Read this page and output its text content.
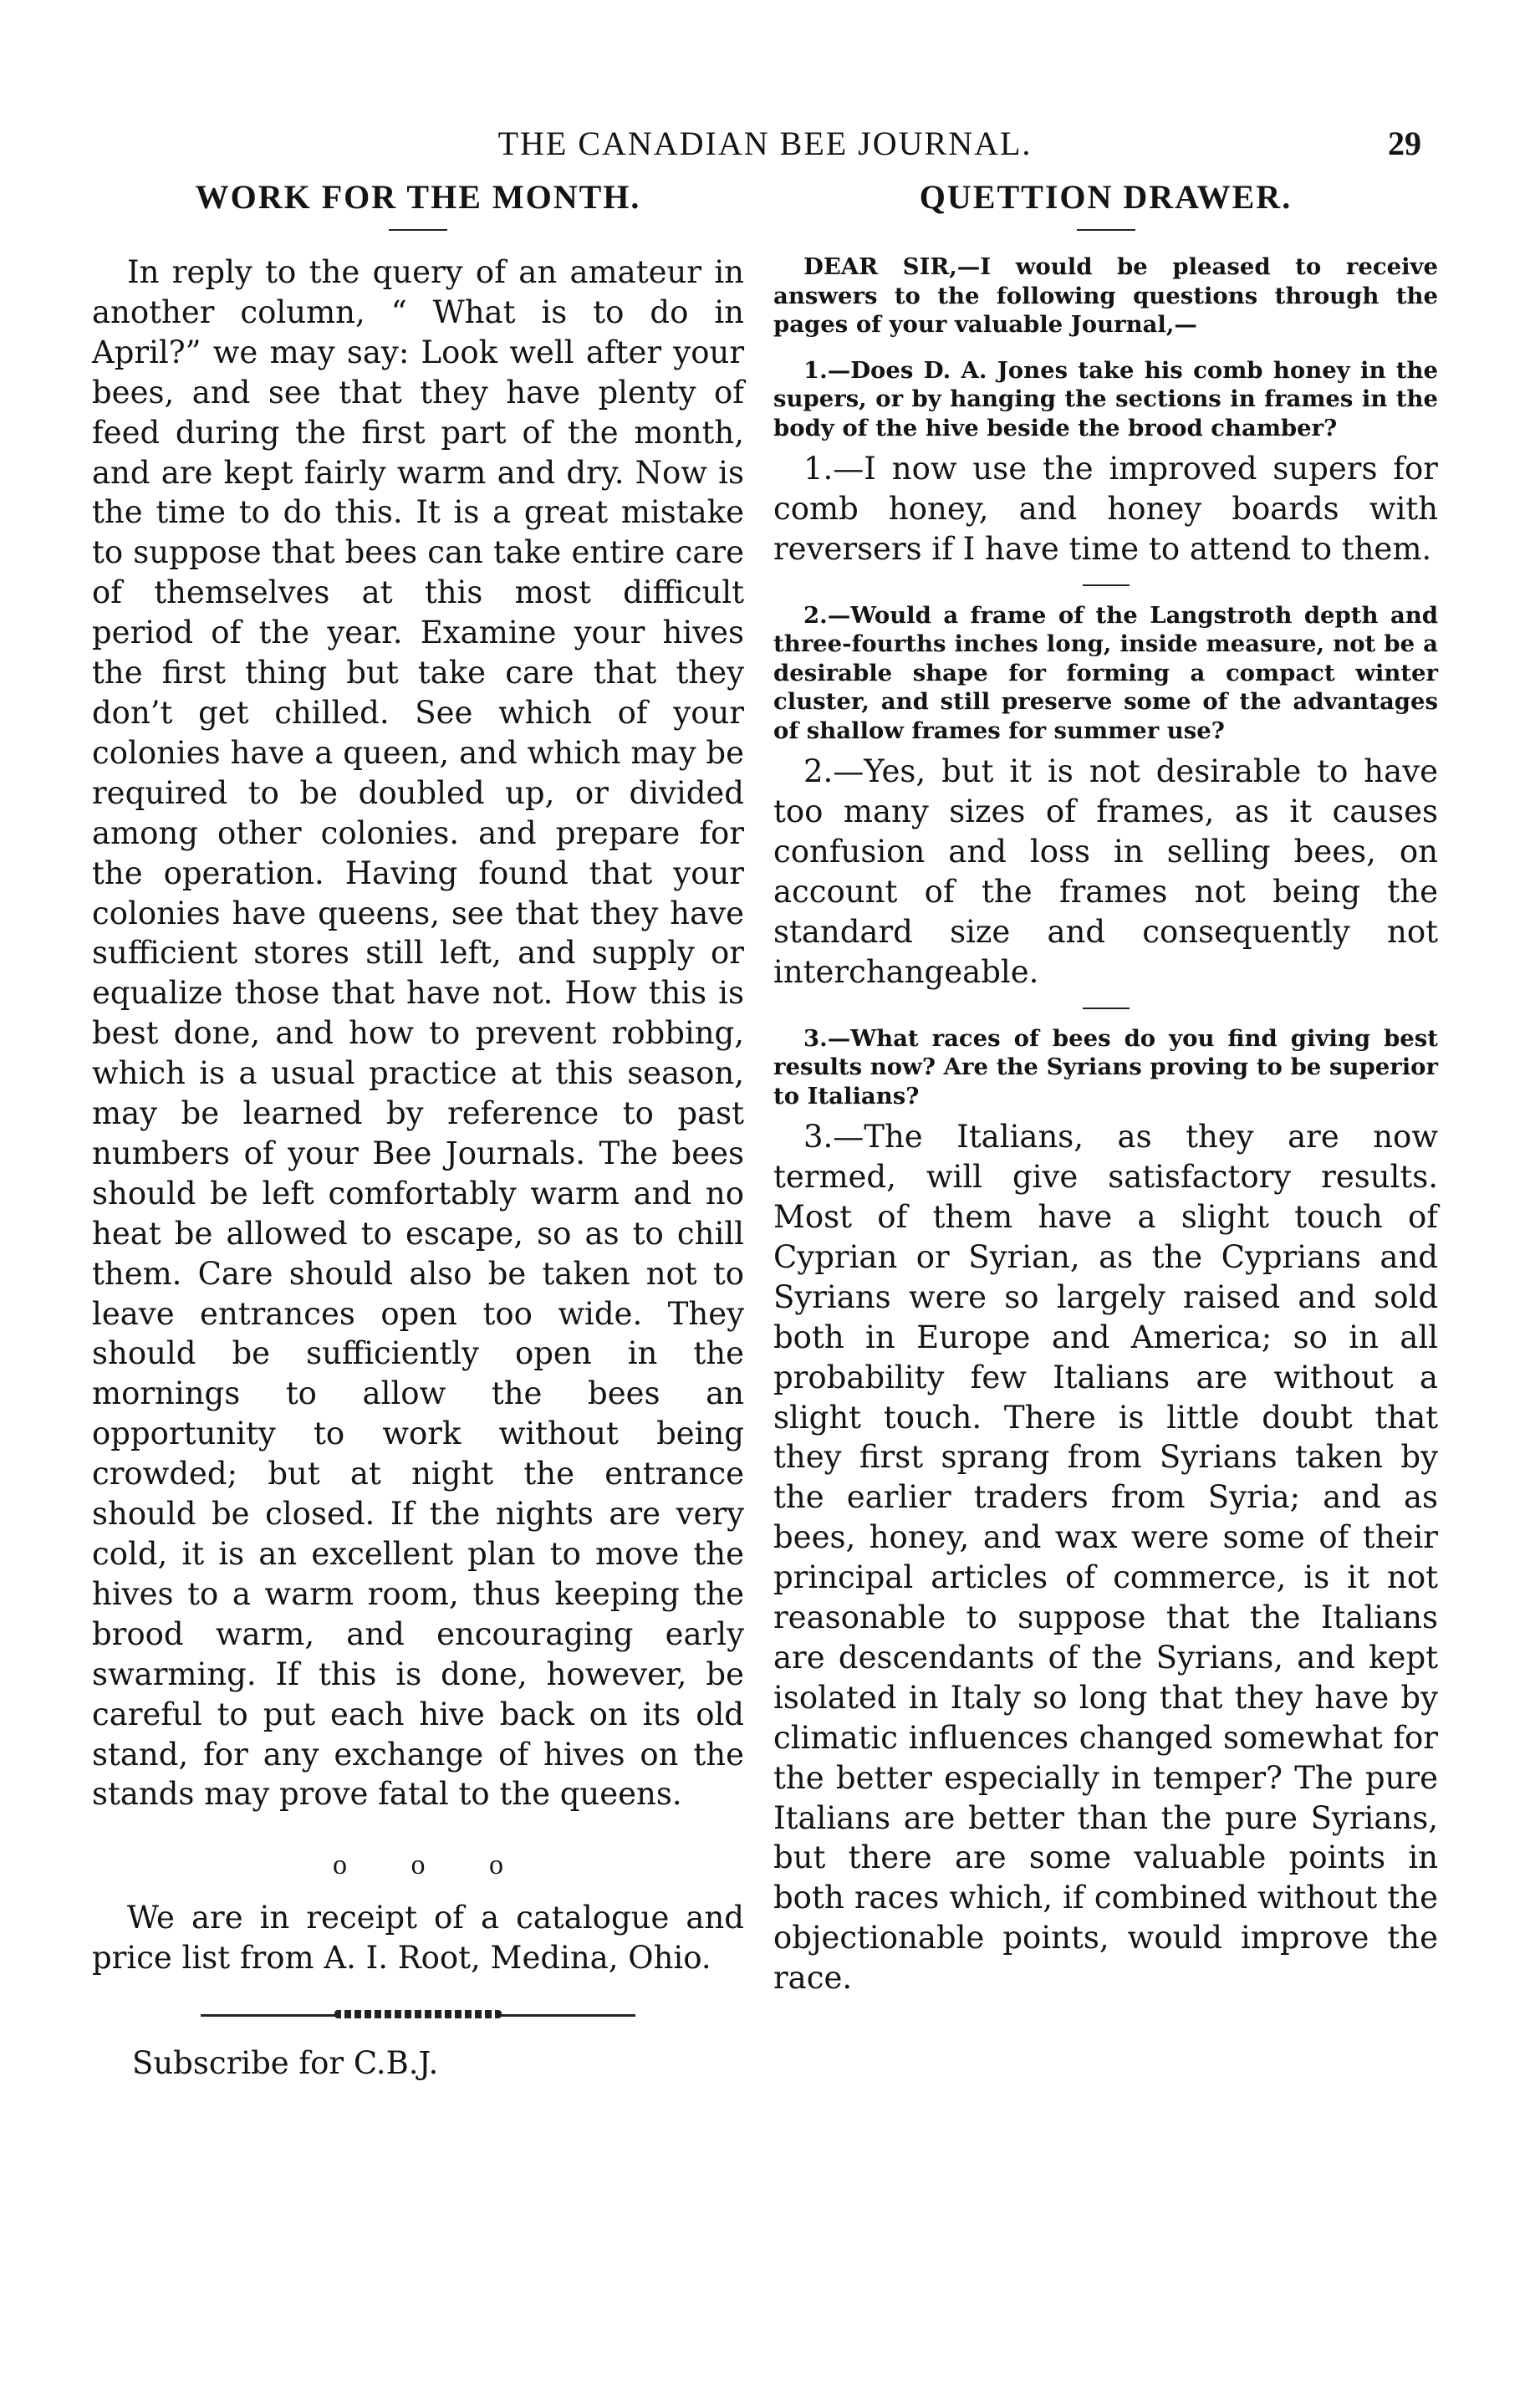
THE CANADIAN BEE JOURNAL.	29
WORK FOR THE MONTH.

In reply to the query of an amateur in another column, “ What is to do in April?” we may say: Look well after your bees, and see that they have plenty of feed during the first part of the month, and are kept fairly warm and dry. Now is the time to do this. It is a great mistake to suppose that bees can take entire care of themselves at this most difficult period of the year. Examine your hives the first thing but take care that they don’t get chilled. See which of your colonies have a queen, and which may be required to be doubled up, or divided among other colonies. and prepare for the operation. Having found that your colonies have queens, see that they have sufficient stores still left, and supply or equalize those that have not. How this is best done, and how to prevent robbing, which is a usual practice at this season, may be learned by reference to past numbers of your Bee Journals. The bees should be left comfortably warm and no heat be allowed to escape, so as to chill them. Care should also be taken not to leave entrances open too wide. They should be sufficiently open in the mornings to allow the bees an opportunity to work without being crowded; but at night the entrance should be closed. If the nights are very cold, it is an excellent plan to move the hives to a warm room, thus keeping the brood warm, and encouraging early swarming. If this is done, however, be careful to put each hive back on its old stand, for any exchange of hives on the stands may prove fatal to the queens.

o o o

We are in receipt of a catalogue and price list from A. I. Root, Medina, Ohio.

Subscribe for C.B.J.

QUETTION DRAWER.

DEAR SIR,—I would be pleased to receive answers to the following questions through the pages of your valuable Journal,—

1.—Does D. A. Jones take his comb honey in the supers, or by hanging the sections in frames in the body of the hive beside the brood chamber?

1.—I now use the improved supers for comb honey, and honey boards with reversers if I have time to attend to them.

2.—Would a frame of the Langstroth depth and three-fourths inches long, inside measure, not be a desirable shape for forming a compact winter cluster, and still preserve some of the advantages of shallow frames for summer use?

2.—Yes, but it is not desirable to have too many sizes of frames, as it causes confusion and loss in selling bees, on account of the frames not being the standard size and consequently not interchangeable.

3.—What races of bees do you find giving best results now? Are the Syrians proving to be superior to Italians?

3.—The Italians, as they are now termed, will give satisfactory results. Most of them have a slight touch of Cyprian or Syrian, as the Cyprians and Syrians were so largely raised and sold both in Europe and America; so in all probability few Italians are without a slight touch. There is little doubt that they first sprang from Syrians taken by the earlier traders from Syria; and as bees, honey, and wax were some of their principal articles of commerce, is it not reasonable to suppose that the Italians are descendants of the Syrians, and kept isolated in Italy so long that they have by climatic influences changed somewhat for the better especially in temper? The pure Italians are better than the pure Syrians, but there are some valuable points in both races which, if combined without the objectionable points, would improve the race.
